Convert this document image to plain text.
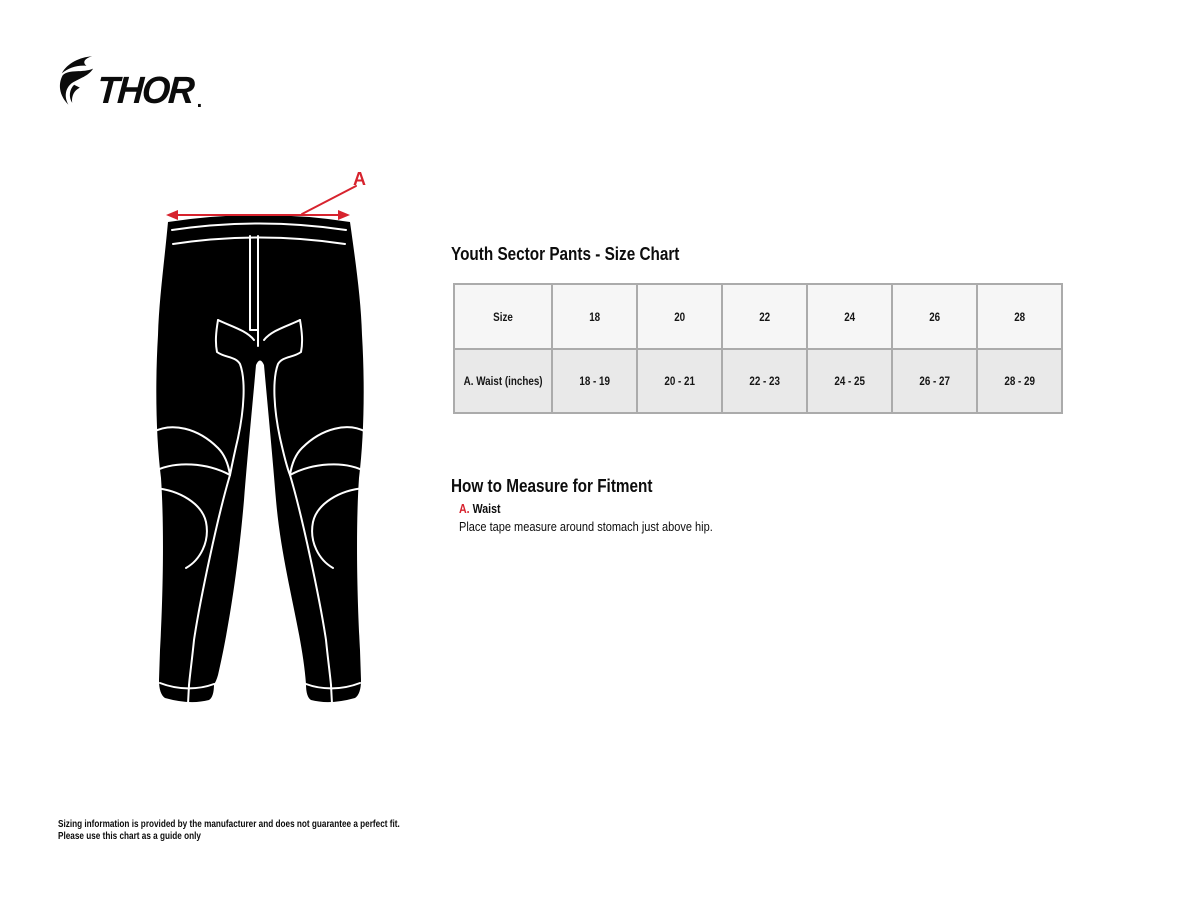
THOR .
A
Youth Sector Pants - Size Chart
Size	18	20	22	24	26	28
A. Waist (inches)	18 - 19	20 - 21	22 - 23	24 - 25	26 - 27	28 - 29
How to Measure for Fitment
A. Waist
Place tape measure around stomach just above hip.
Sizing information is provided by the manufacturer and does not guarantee a perfect fit.
Please use this chart as a guide only
